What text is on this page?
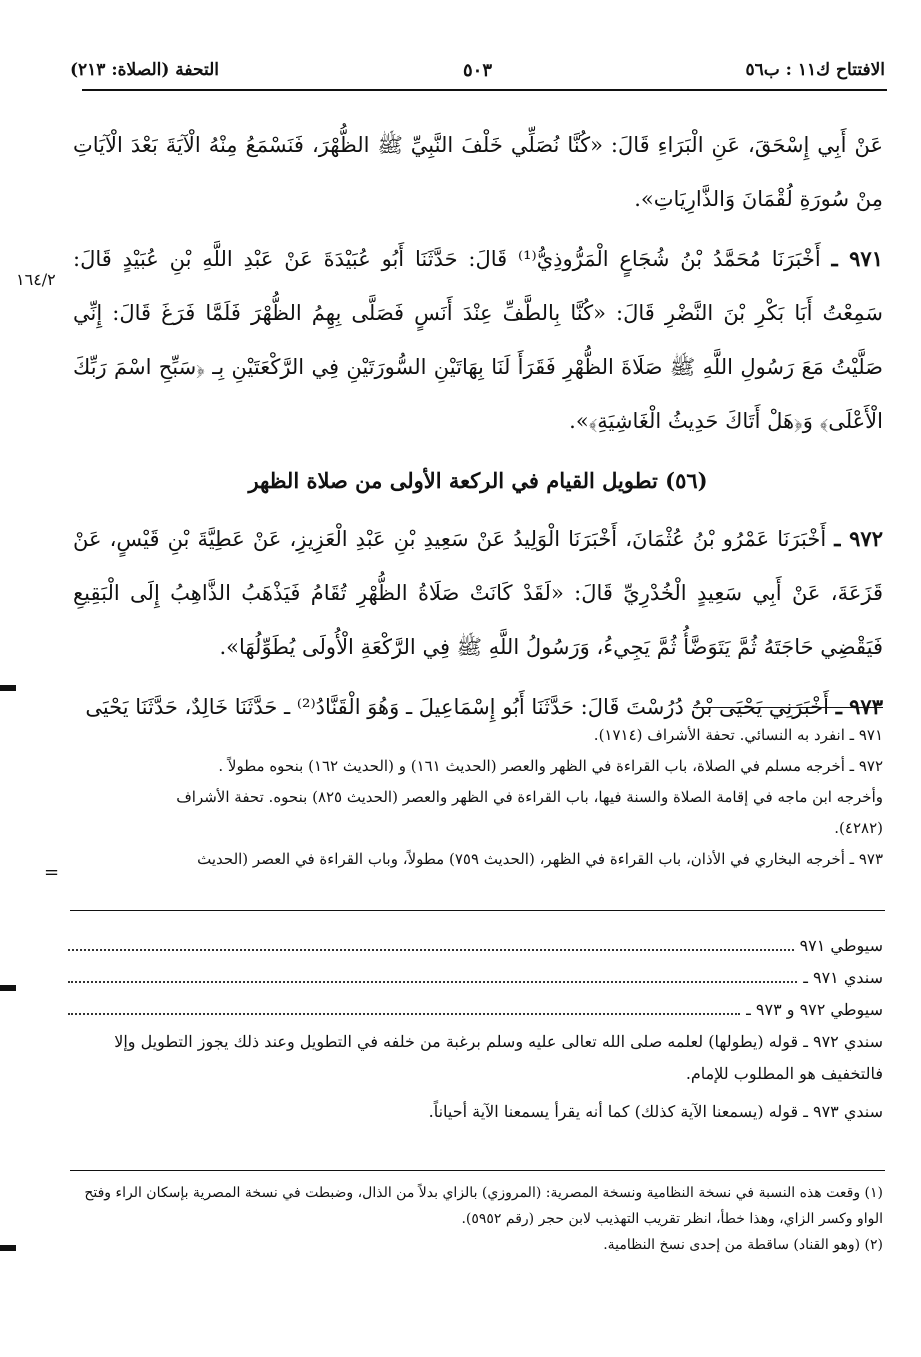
الافتتاح ك١١ : ب٥٦
٥٠٣
التحفة (الصلاة: ٢١٣)
١٦٤/٢
=

عَنْ أَبِي إِسْحَقَ، عَنِ الْبَرَاءِ قَالَ: «كُنَّا نُصَلِّي خَلْفَ النَّبِيِّ ﷺ الظُّهْرَ، فَنَسْمَعُ مِنْهُ الْآيَةَ بَعْدَ الْآيَاتِ مِنْ سُورَةِ لُقْمَانَ وَالذَّارِيَاتِ».

٩٧١ ـ أَخْبَرَنَا مُحَمَّدُ بْنُ شُجَاعٍ الْمَرُّوذِيُّ⁽¹⁾ قَالَ: حَدَّثَنَا أَبُو عُبَيْدَةَ عَنْ عَبْدِ اللَّهِ بْنِ عُبَيْدٍ قَالَ: سَمِعْتُ أَبَا بَكْرِ بْنَ النَّضْرِ قَالَ: «كُنَّا بِالطَّفِّ عِنْدَ أَنَسٍ فَصَلَّى بِهِمُ الظُّهْرَ فَلَمَّا فَرَغَ قَالَ: إِنِّي صَلَّيْتُ مَعَ رَسُولِ اللَّهِ ﷺ صَلَاةَ الظُّهْرِ فَقَرَأَ لَنَا بِهَاتَيْنِ السُّورَتَيْنِ فِي الرَّكْعَتَيْنِ بِـ ﴿سَبِّحِ اسْمَ رَبِّكَ الْأَعْلَى﴾ وَ﴿هَلْ أَتَاكَ حَدِيثُ الْغَاشِيَةِ﴾».

(٥٦) تطويل القيام في الركعة الأولى من صلاة الظهر

٩٧٢ ـ أَخْبَرَنَا عَمْرُو بْنُ عُثْمَانَ، أَخْبَرَنَا الْوَلِيدُ عَنْ سَعِيدِ بْنِ عَبْدِ الْعَزِيزِ، عَنْ عَطِيَّةَ بْنِ قَيْسٍ، عَنْ قَزَعَةَ، عَنْ أَبِي سَعِيدٍ الْخُدْرِيِّ قَالَ: «لَقَدْ كَانَتْ صَلَاةُ الظُّهْرِ تُقَامُ فَيَذْهَبُ الذَّاهِبُ إِلَى الْبَقِيعِ فَيَقْضِي حَاجَتَهُ ثُمَّ يَتَوَضَّأُ ثُمَّ يَجِيءُ، وَرَسُولُ اللَّهِ ﷺ فِي الرَّكْعَةِ الْأُولَى يُطَوِّلُهَا».

٩٧٣ ـ أَخْبَرَنِي يَحْيَى بْنُ دُرُسْتَ قَالَ: حَدَّثَنَا أَبُو إِسْمَاعِيلَ ـ وَهُوَ الْقَنَّادُ⁽²⁾ ـ حَدَّثَنَا خَالِدٌ، حَدَّثَنَا يَحْيَى

٩٧١ ـ انفرد به النسائي. تحفة الأشراف (١٧١٤).

٩٧٢ ـ أخرجه مسلم في الصلاة، باب القراءة في الظهر والعصر (الحديث ١٦١) و (الحديث ١٦٢) بنحوه مطولاً .

وأخرجه ابن ماجه في إقامة الصلاة والسنة فيها، باب القراءة في الظهر والعصر (الحديث ٨٢٥) بنحوه. تحفة الأشراف

(٤٢٨٢).

٩٧٣ ـ أخرجه البخاري في الأذان، باب القراءة في الظهر، (الحديث ٧٥٩) مطولاً، وباب القراءة في العصر (الحديث

سيوطي ٩٧١
سندي ٩٧١ ـ
سيوطي ٩٧٢ و ٩٧٣ ـ

سندي ٩٧٢ ـ قوله (يطولها) لعلمه صلى الله تعالى عليه وسلم برغبة من خلفه في التطويل وعند ذلك يجوز التطويل وإلا فالتخفيف هو المطلوب للإمام.

سندي ٩٧٣ ـ قوله (يسمعنا الآية كذلك) كما أنه يقرأ يسمعنا الآية أحياناً.

(١) وقعت هذه النسبة في نسخة النظامية ونسخة المصرية: (المروزي) بالزاي بدلاً من الذال، وضبطت في نسخة المصرية بإسكان الراء وفتح الواو وكسر الزاي، وهذا خطأ، انظر تقريب التهذيب لابن حجر (رقم ٥٩٥٢).

(٢) (وهو القناد) ساقطة من إحدى نسخ النظامية.
